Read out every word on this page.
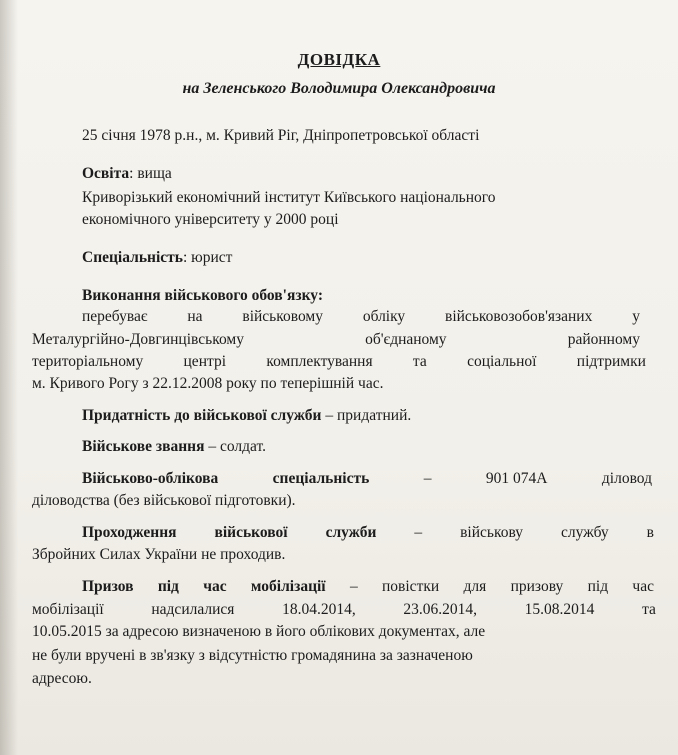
ДОВІДКА
на Зеленського Володимира Олександровича
25 січня 1978 р.н., м. Кривий Ріг, Дніпропетровської області
Освіта: вища
Криворізький економічний інститут Київського національного
економічного університету у 2000 році
Спеціальність: юрист
Виконання військового обов'язку:
перебуває	на	військовому	обліку	військовозобов'язаних	у
Металургійно-Довгинцівському	об'єднаному	районному
територіальному	центрі	комплектування	та	соціальної	підтримки
м. Кривого Рогу з 22.12.2008 року по теперішній час.
Придатність до військової служби – придатний.
Військове звання – солдат.
Військово-облікова	спеціальність	–	901 074А	діловод
діловодства (без військової підготовки).
Проходження військової служби – військову службу в
Збройних Силах України не проходив.
Призов під час мобілізації – повістки для призову під час
мобілізації	надсилалися	18.04.2014,	23.06.2014,	15.08.2014	та
10.05.2015 за адресою визначеною в його облікових документах, але
не були вручені в зв'язку з відсутністю громадянина за зазначеною
адресою.
